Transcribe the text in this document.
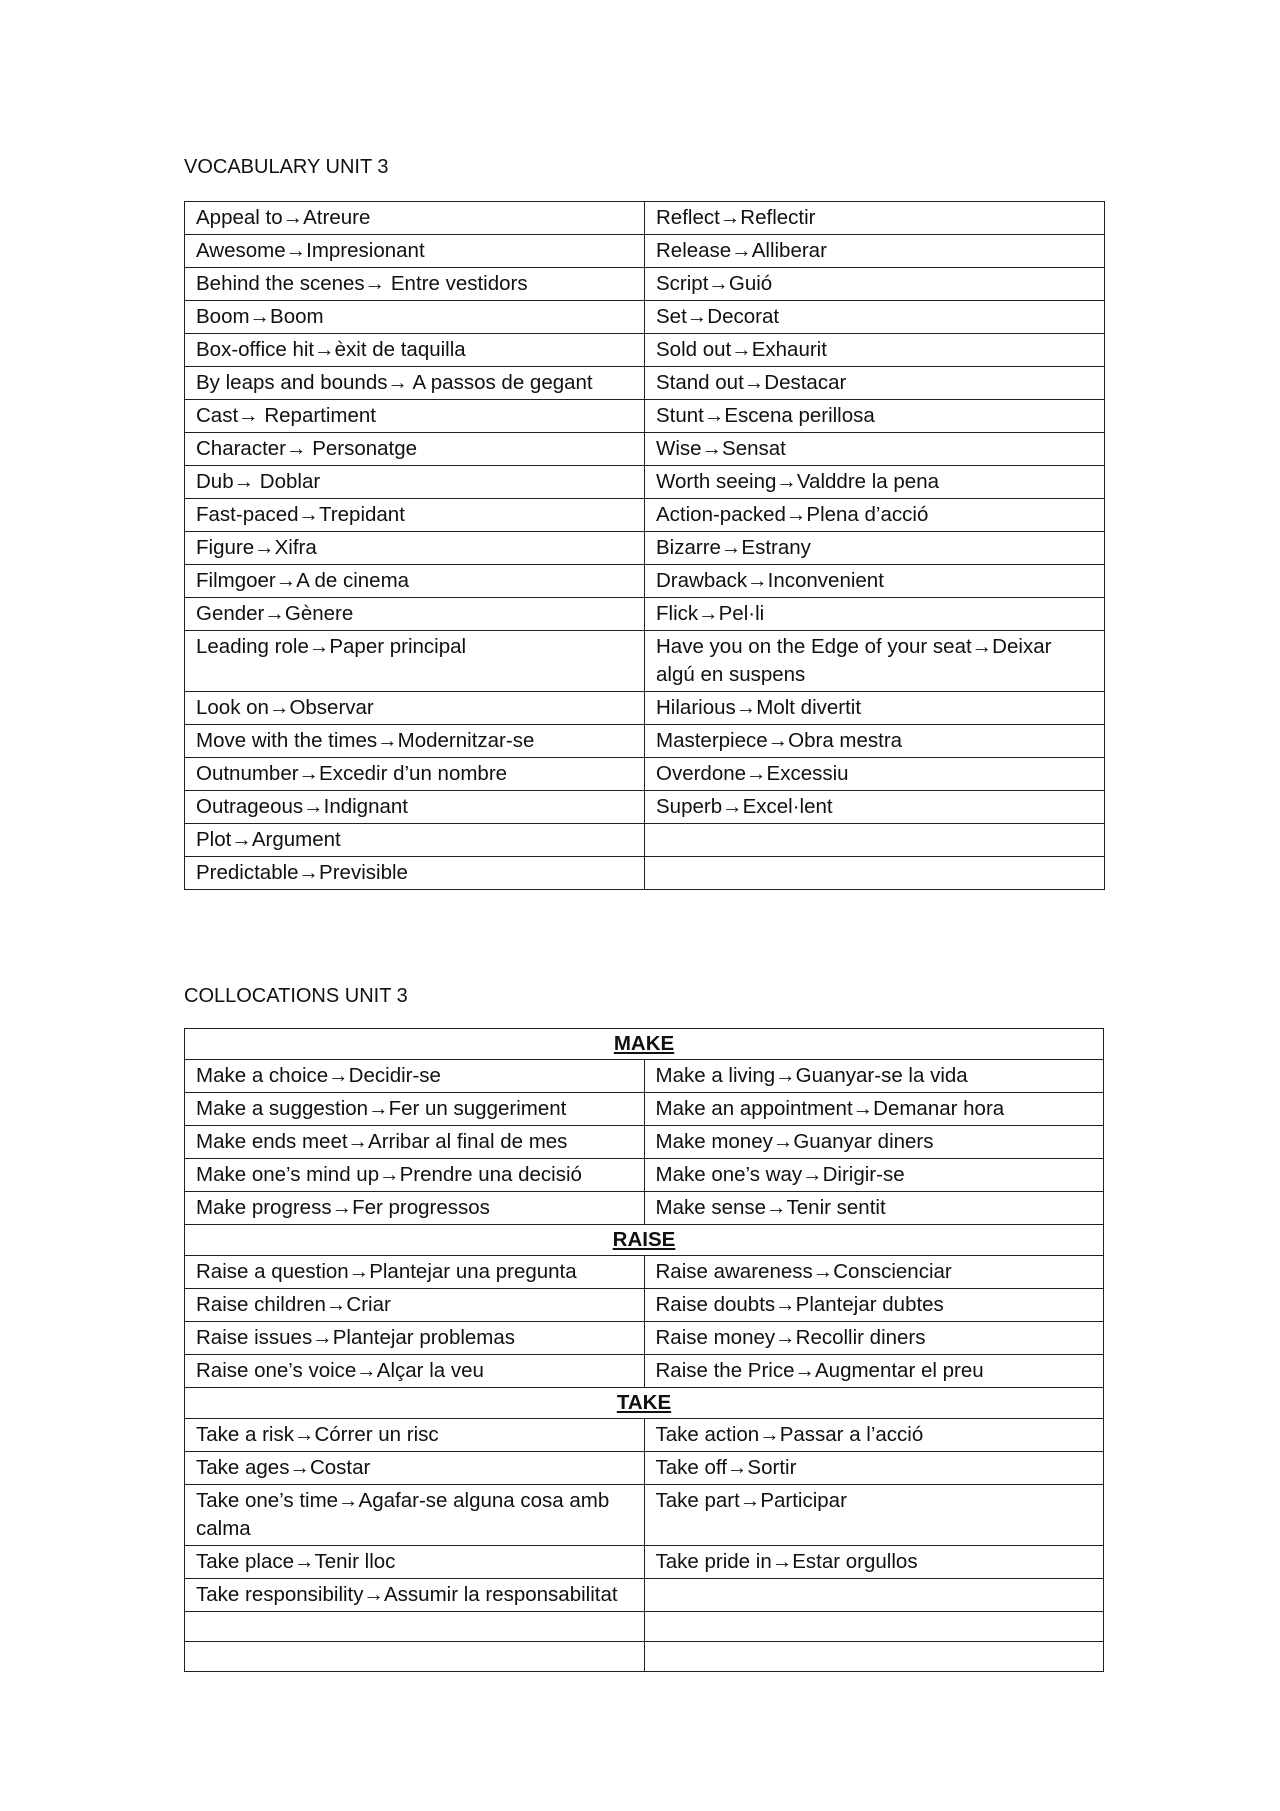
VOCABULARY UNIT 3
Appeal to→Atreure	Reflect→Reflectir
Awesome→Impresionant	Release→Alliberar
Behind the scenes→ Entre vestidors	Script→Guió
Boom→Boom	Set→Decorat
Box-office hit→èxit de taquilla	Sold out→Exhaurit
By leaps and bounds→ A passos de gegant	Stand out→Destacar
Cast→ Repartiment	Stunt→Escena perillosa
Character→ Personatge	Wise→Sensat
Dub→ Doblar	Worth seeing→Valddre la pena
Fast-paced→Trepidant	Action-packed→Plena d’acció
Figure→Xifra	Bizarre→Estrany
Filmgoer→A de cinema	Drawback→Inconvenient
Gender→Gènere	Flick→Pel·li
Leading role→Paper principal	Have you on the Edge of your seat→Deixar algú en suspens
Look on→Observar	Hilarious→Molt divertit
Move with the times→Modernitzar-se	Masterpiece→Obra mestra
Outnumber→Excedir d’un nombre	Overdone→Excessiu
Outrageous→Indignant	Superb→Excel·lent
Plot→Argument	
Predictable→Previsible	
COLLOCATIONS UNIT 3
MAKE	
Make a choice→Decidir-se	Make a living→Guanyar-se la vida
Make a suggestion→Fer un suggeriment	Make an appointment→Demanar hora
Make ends meet→Arribar al final de mes	Make money→Guanyar diners
Make one’s mind up→Prendre una decisió	Make one’s way→Dirigir-se
Make progress→Fer progressos	Make sense→Tenir sentit
RAISE	
Raise a question→Plantejar una pregunta	Raise awareness→Conscienciar
Raise children→Criar	Raise doubts→Plantejar dubtes
Raise issues→Plantejar problemas	Raise money→Recollir diners
Raise one’s voice→Alçar la veu	Raise the Price→Augmentar el preu
TAKE	
Take a risk→Córrer un risc	Take action→Passar a l’acció
Take ages→Costar	Take off→Sortir
Take one’s time→Agafar-se alguna cosa amb calma	Take part→Participar
Take place→Tenir lloc	Take pride in→Estar orgullos
Take responsibility→Assumir la responsabilitat	
